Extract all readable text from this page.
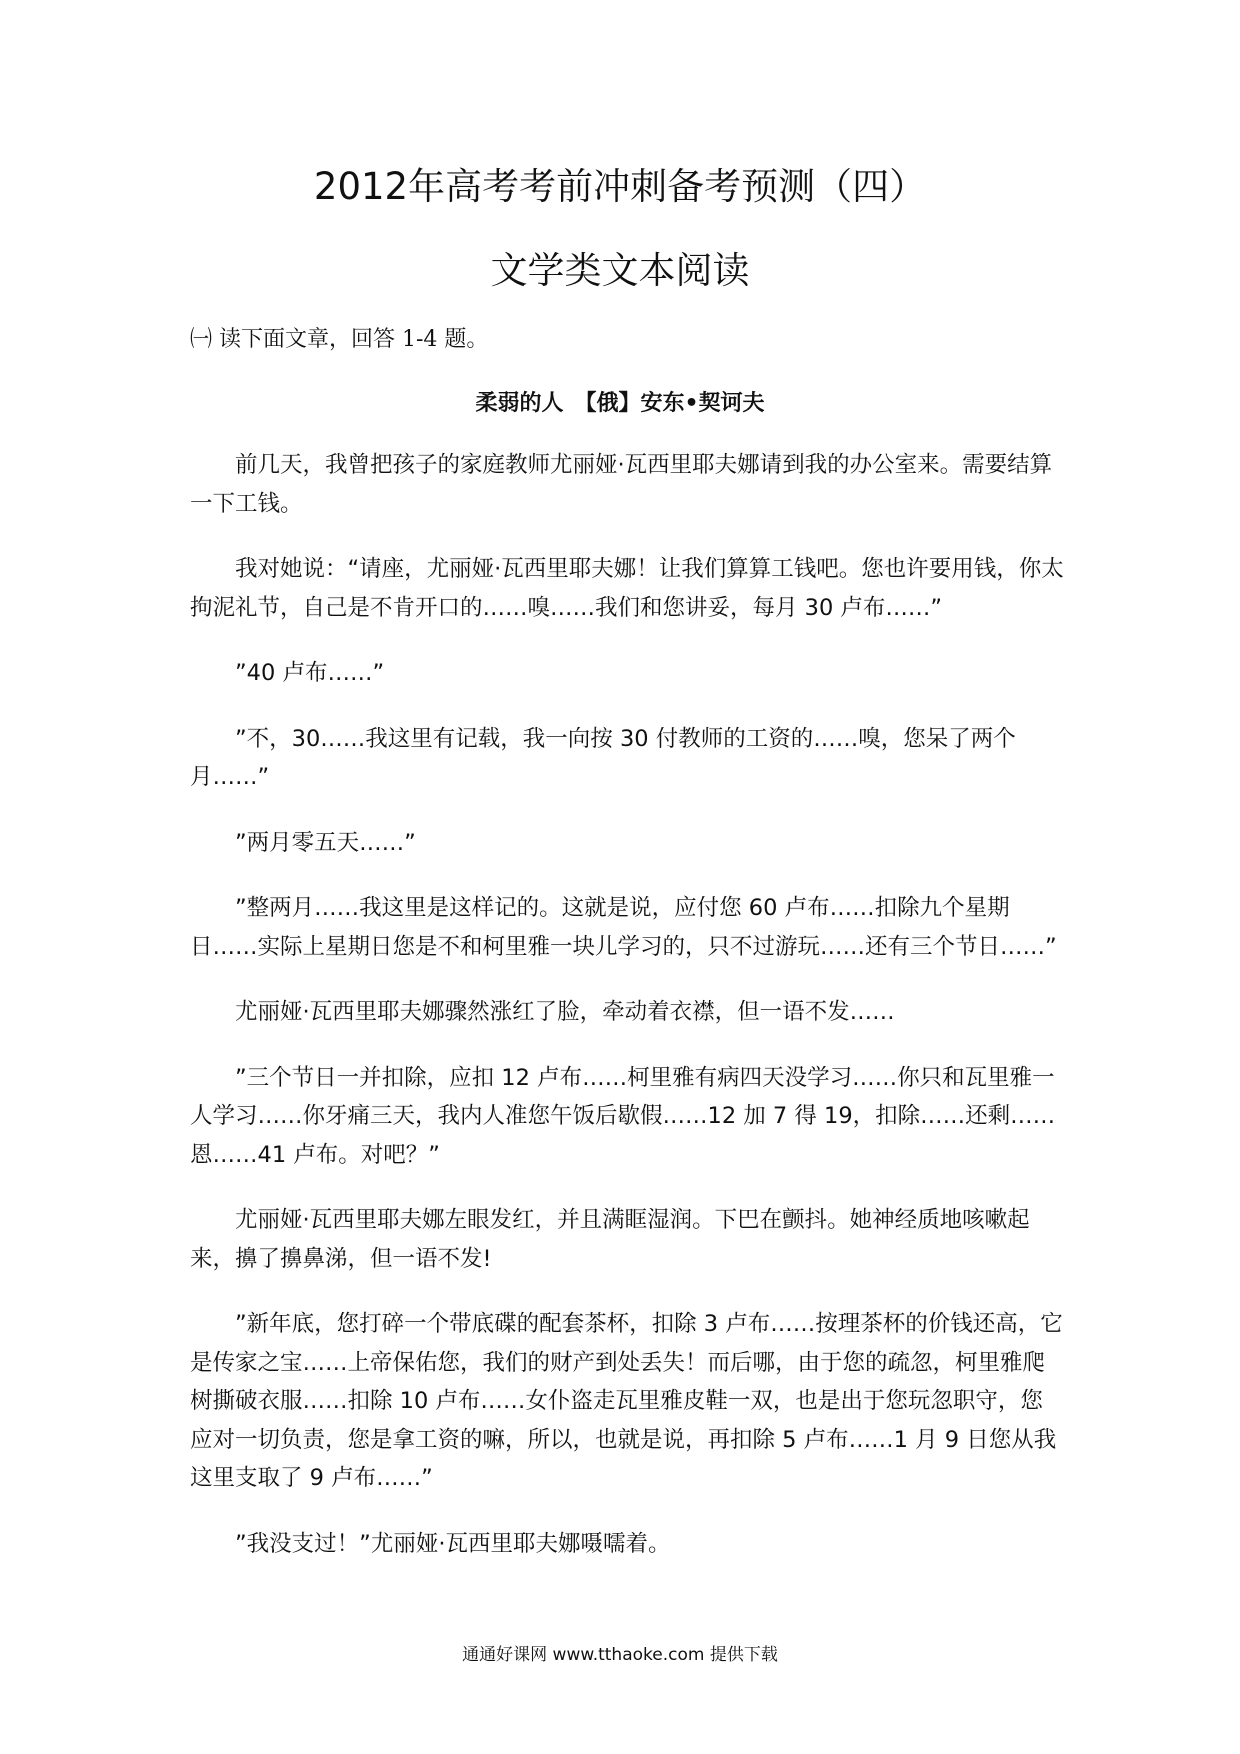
2012年高考考前冲刺备考预测（四）
文学类文本阅读

㈠ 读下面文章，回答 1-4 题。

柔弱的人　【俄】安东•契诃夫

前几天，我曾把孩子的家庭教师尤丽娅·瓦西里耶夫娜请到我的办公室来。需要结算一下工钱。

我对她说：“请座，尤丽娅·瓦西里耶夫娜！让我们算算工钱吧。您也许要用钱，你太拘泥礼节，自己是不肯开口的……嗅……我们和您讲妥，每月 30 卢布……”

”40 卢布……”

”不，30……我这里有记载，我一向按 30 付教师的工资的……嗅，您呆了两个月……”

”两月零五天……”

”整两月……我这里是这样记的。这就是说，应付您 60 卢布……扣除九个星期日……实际上星期日您是不和柯里雅一块儿学习的，只不过游玩……还有三个节日……”

尤丽娅·瓦西里耶夫娜骤然涨红了脸，牵动着衣襟，但一语不发……

”三个节日一并扣除，应扣 12 卢布……柯里雅有病四天没学习……你只和瓦里雅一人学习……你牙痛三天，我内人准您午饭后歇假……12 加 7 得 19，扣除……还剩……恩……41 卢布。对吧？”

尤丽娅·瓦西里耶夫娜左眼发红，并且满眶湿润。下巴在颤抖。她神经质地咳嗽起来，擤了擤鼻涕，但一语不发!

”新年底，您打碎一个带底碟的配套茶杯，扣除 3 卢布……按理茶杯的价钱还高，它是传家之宝……上帝保佑您，我们的财产到处丢失！而后哪，由于您的疏忽，柯里雅爬树撕破衣服……扣除 10 卢布……女仆盗走瓦里雅皮鞋一双，也是出于您玩忽职守，您应对一切负责，您是拿工资的嘛，所以，也就是说，再扣除 5 卢布……1 月 9 日您从我这里支取了 9 卢布……”

”我没支过！”尤丽娅·瓦西里耶夫娜嗫嚅着。

通通好课网 www.tthaoke.com 提供下载
